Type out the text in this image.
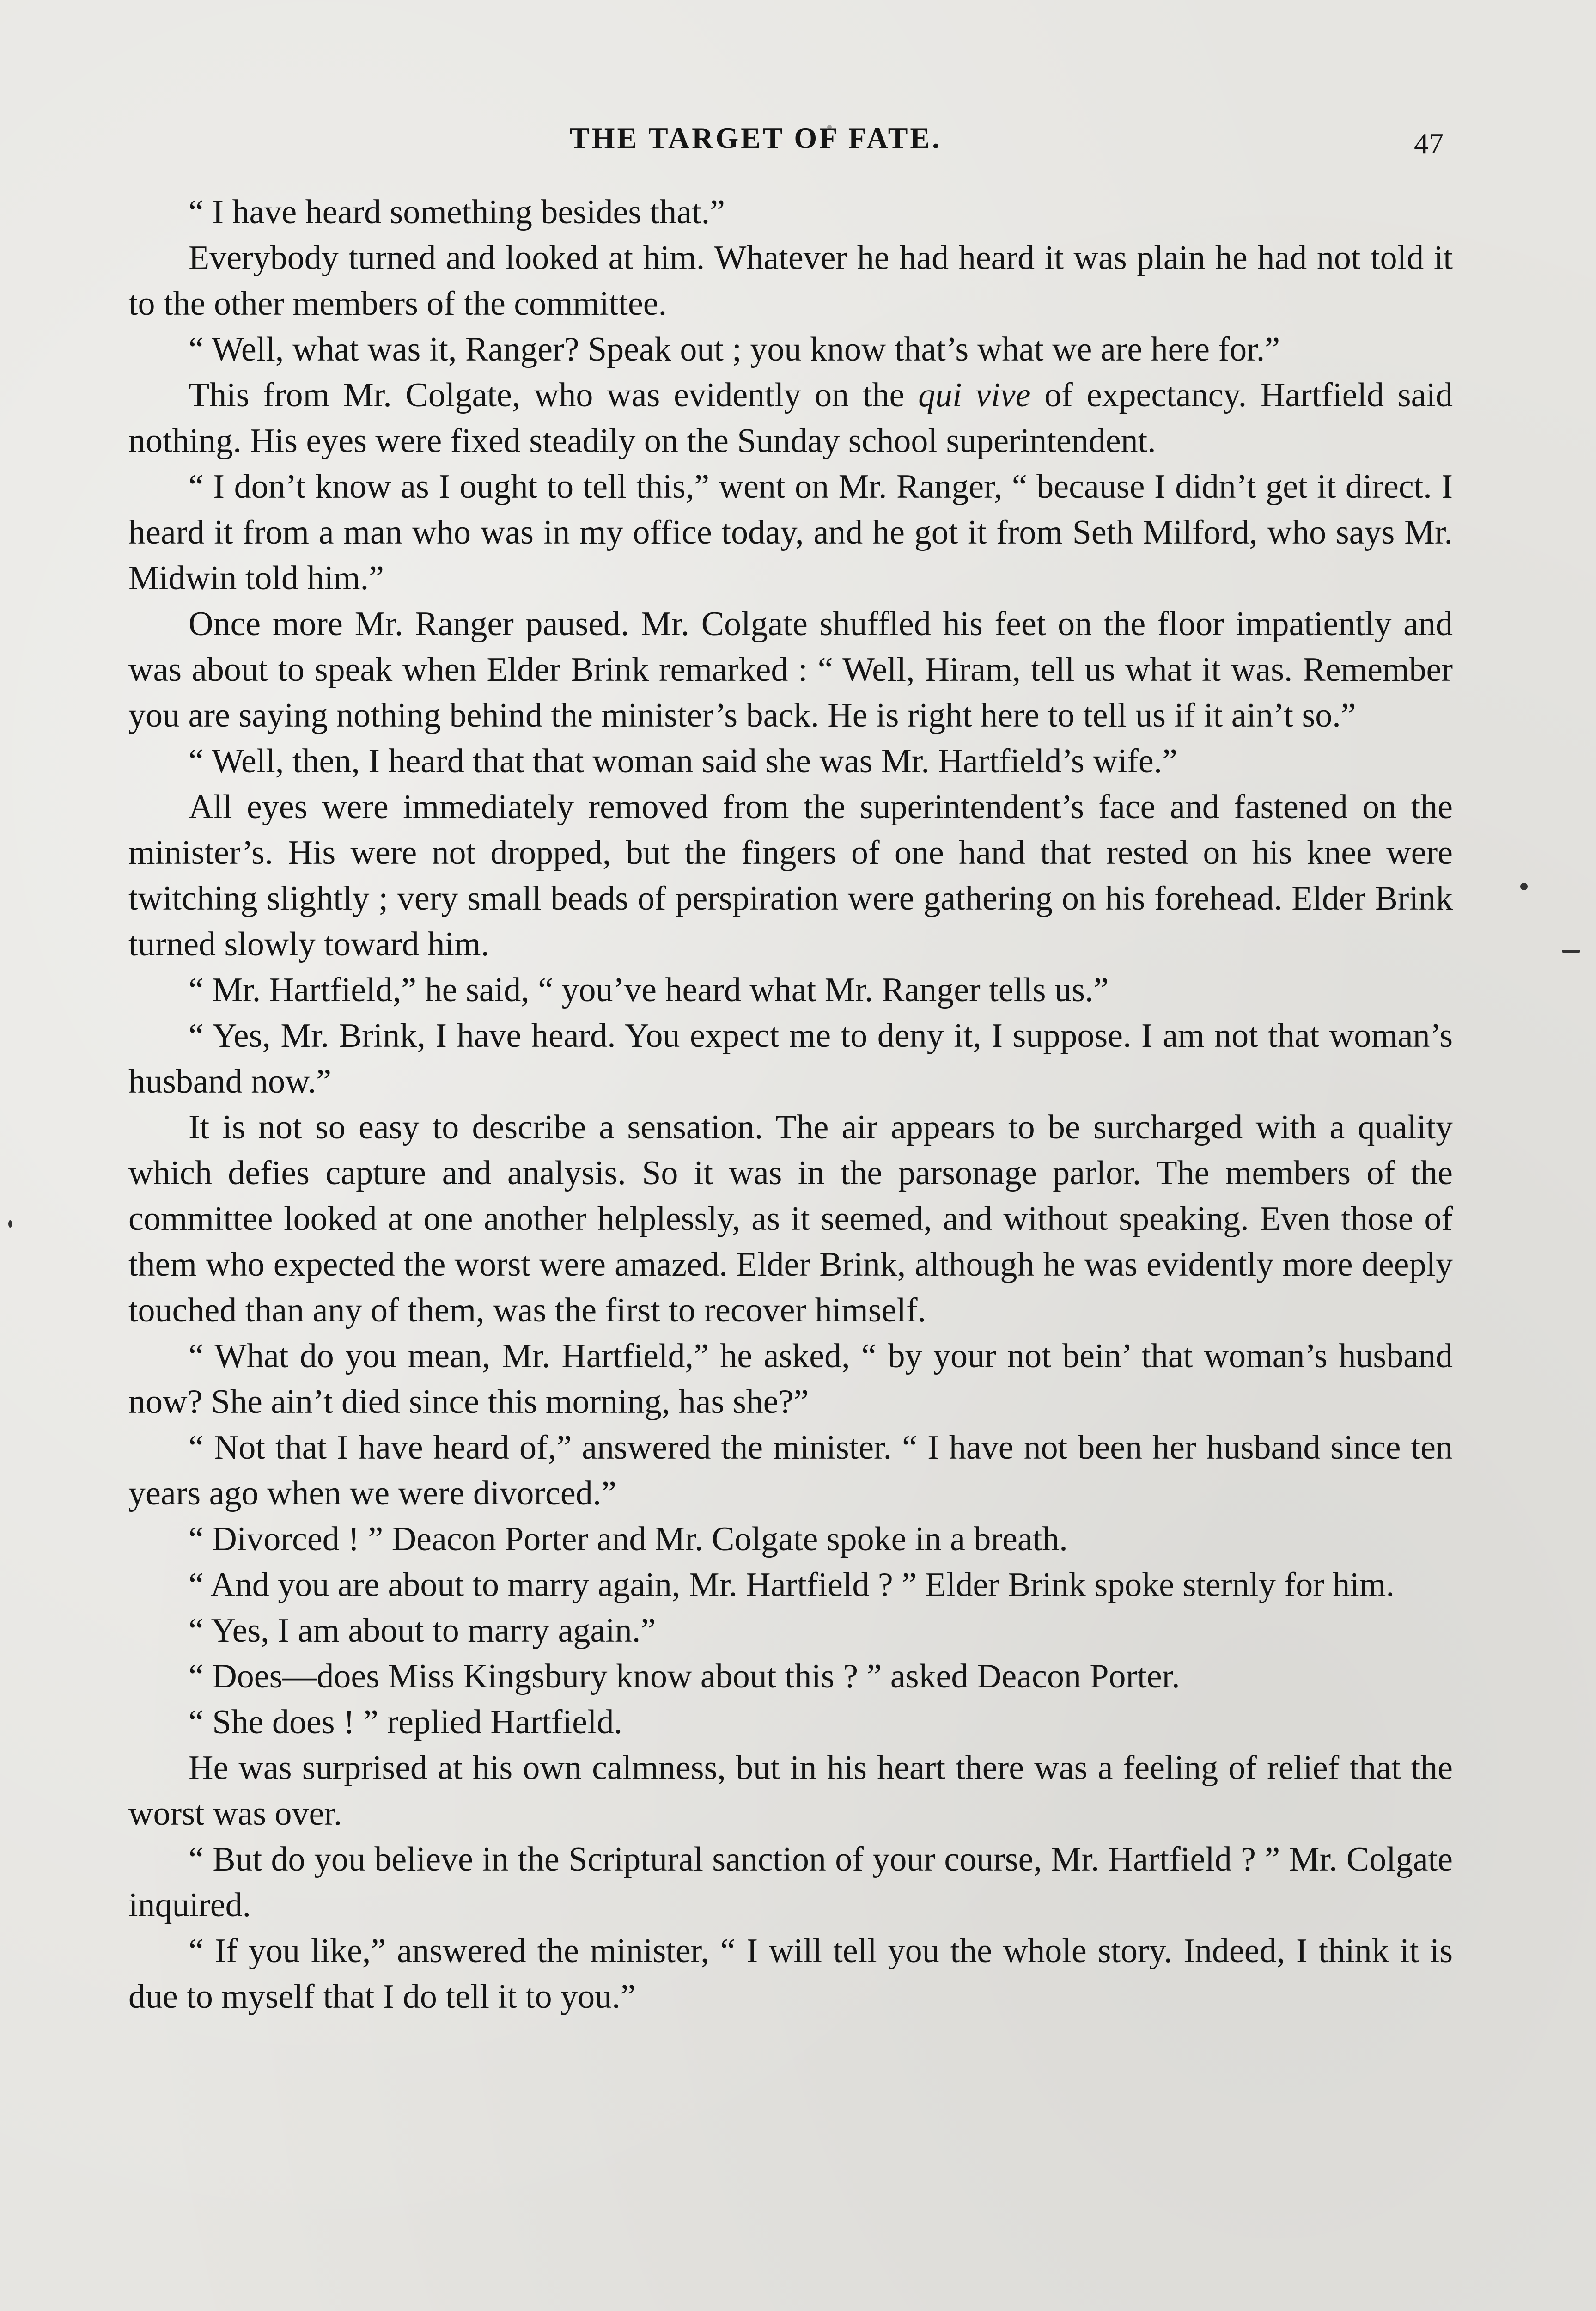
THE TARGET OF FATE.	47

“ I have heard something besides that.”

Everybody turned and looked at him. Whatever he had heard it was plain he had not told it to the other members of the committee.

“ Well, what was it, Ranger? Speak out ; you know that’s what we are here for.”

This from Mr. Colgate, who was evidently on the qui vive of expectancy. Hartfield said nothing. His eyes were fixed steadily on the Sunday school superintendent.

“ I don’t know as I ought to tell this,” went on Mr. Ranger, “ because I didn’t get it direct. I heard it from a man who was in my office today, and he got it from Seth Milford, who says Mr. Midwin told him.”

Once more Mr. Ranger paused. Mr. Colgate shuffled his feet on the floor impatiently and was about to speak when Elder Brink remarked : “ Well, Hiram, tell us what it was. Remember you are saying nothing behind the minister’s back. He is right here to tell us if it ain’t so.”

“ Well, then, I heard that that woman said she was Mr. Hartfield’s wife.”

All eyes were immediately removed from the superintendent’s face and fastened on the minister’s. His were not dropped, but the fingers of one hand that rested on his knee were twitching slightly ; very small beads of perspiration were gathering on his forehead. Elder Brink turned slowly toward him.

“ Mr. Hartfield,” he said, “ you’ve heard what Mr. Ranger tells us.”

“ Yes, Mr. Brink, I have heard. You expect me to deny it, I suppose. I am not that woman’s husband now.”

It is not so easy to describe a sensation. The air appears to be surcharged with a quality which defies capture and analysis. So it was in the parsonage parlor. The members of the committee looked at one another helplessly, as it seemed, and without speaking. Even those of them who expected the worst were amazed. Elder Brink, although he was evidently more deeply touched than any of them, was the first to recover himself.

“ What do you mean, Mr. Hartfield,” he asked, “ by your not bein’ that woman’s husband now? She ain’t died since this morning, has she?”

“ Not that I have heard of,” answered the minister. “ I have not been her husband since ten years ago when we were divorced.”

“ Divorced ! ” Deacon Porter and Mr. Colgate spoke in a breath.

“ And you are about to marry again, Mr. Hartfield ? ” Elder Brink spoke sternly for him.

“ Yes, I am about to marry again.”

“ Does—does Miss Kingsbury know about this ? ” asked Deacon Porter.

“ She does ! ” replied Hartfield.

He was surprised at his own calmness, but in his heart there was a feeling of relief that the worst was over.

“ But do you believe in the Scriptural sanction of your course, Mr. Hartfield ? ” Mr. Colgate inquired.

“ If you like,” answered the minister, “ I will tell you the whole story. Indeed, I think it is due to myself that I do tell it to you.”
